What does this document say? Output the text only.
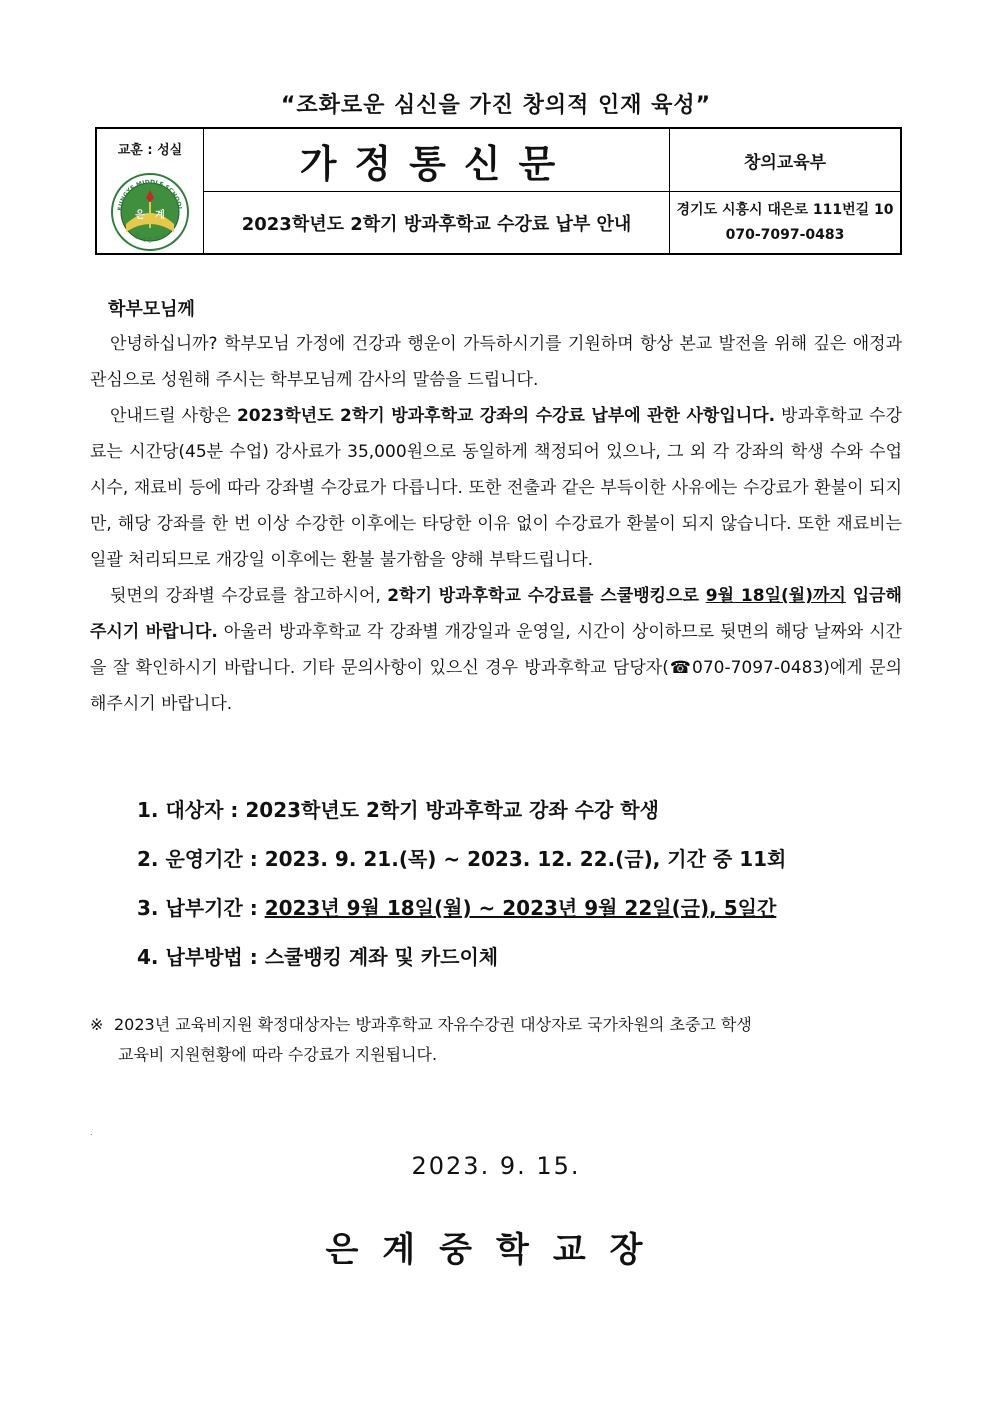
“조화로운 심신을 가진 창의적 인재 육성”
교훈 : 성실
EUNGYE MIDDLE SCHOOL
은 계 중 학 교
은 계	가정통신문	창의교육부
	2023학년도 2학기 방과후학교 수강료 납부 안내	경기도 시흥시 대은로 111번길 10
070-7097-0483
학부모님께

안녕하십니까? 학부모님 가정에 건강과 행운이 가득하시기를 기원하며 항상 본교 발전을 위해 깊은 애정과 관심으로 성원해 주시는 학부모님께 감사의 말씀을 드립니다.

안내드릴 사항은 2023학년도 2학기 방과후학교 강좌의 수강료 납부에 관한 사항입니다. 방과후학교 수강료는 시간당(45분 수업) 강사료가 35,000원으로 동일하게 책정되어 있으나, 그 외 각 강좌의 학생 수와 수업 시수, 재료비 등에 따라 강좌별 수강료가 다릅니다. 또한 전출과 같은 부득이한 사유에는 수강료가 환불이 되지만, 해당 강좌를 한 번 이상 수강한 이후에는 타당한 이유 없이 수강료가 환불이 되지 않습니다. 또한 재료비는 일괄 처리되므로 개강일 이후에는 환불 불가함을 양해 부탁드립니다.

뒷면의 강좌별 수강료를 참고하시어, 2학기 방과후학교 수강료를 스쿨뱅킹으로 9월 18일(월)까지 입금해주시기 바랍니다. 아울러 방과후학교 각 강좌별 개강일과 운영일, 시간이 상이하므로 뒷면의 해당 날짜와 시간을 잘 확인하시기 바랍니다. 기타 문의사항이 있으신 경우 방과후학교 담당자(☎070-7097-0483)에게 문의해주시기 바랍니다.

1. 대상자 : 2023학년도 2학기 방과후학교 강좌 수강 학생
2. 운영기간 : 2023. 9. 21.(목) ~ 2023. 12. 22.(금), 기간 중 11회
3. 납부기간 : 2023년 9월 18일(월) ~ 2023년 9월 22일(금), 5일간
4. 납부방법 : 스쿨뱅킹 계좌 및 카드이체
※ 2023년 교육비지원 확정대상자는 방과후학교 자유수강권 대상자로 국가차원의 초중고 학생
교육비 지원현황에 따라 수강료가 지원됩니다.
.
2023. 9. 15.
은계중학교장
